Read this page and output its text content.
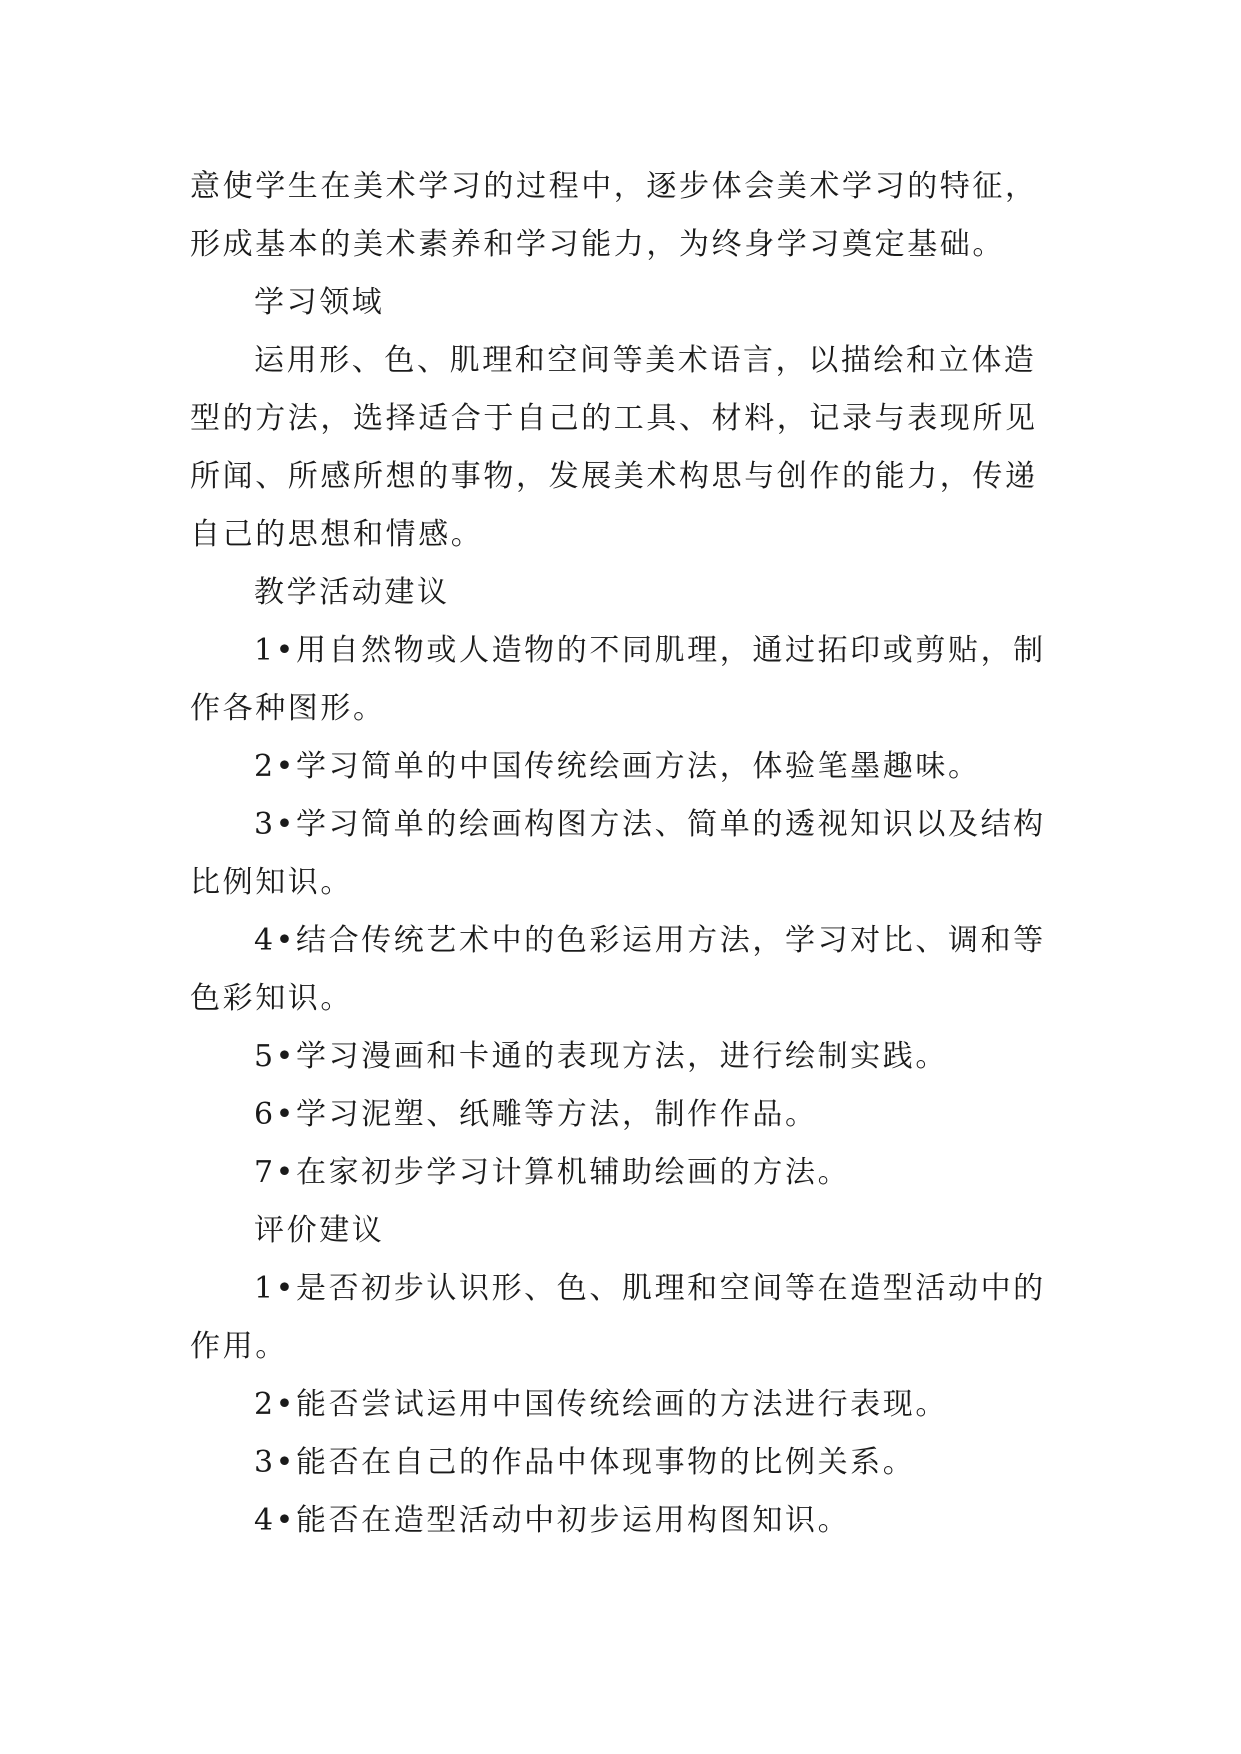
意使学生在美术学习的过程中，逐步体会美术学习的特征，形成基本的美术素养和学习能力，为终身学习奠定基础。

学习领域

运用形、色、肌理和空间等美术语言，以描绘和立体造型的方法，选择适合于自己的工具、材料，记录与表现所见所闻、所感所想的事物，发展美术构思与创作的能力，传递自己的思想和情感。

教学活动建议

1•用自然物或人造物的不同肌理，通过拓印或剪贴，制作各种图形。

2•学习简单的中国传统绘画方法，体验笔墨趣味。

3•学习简单的绘画构图方法、简单的透视知识以及结构比例知识。

4•结合传统艺术中的色彩运用方法，学习对比、调和等色彩知识。

5•学习漫画和卡通的表现方法，进行绘制实践。

6•学习泥塑、纸雕等方法，制作作品。

7•在家初步学习计算机辅助绘画的方法。

评价建议

1•是否初步认识形、色、肌理和空间等在造型活动中的作用。

2•能否尝试运用中国传统绘画的方法进行表现。

3•能否在自己的作品中体现事物的比例关系。

4•能否在造型活动中初步运用构图知识。
